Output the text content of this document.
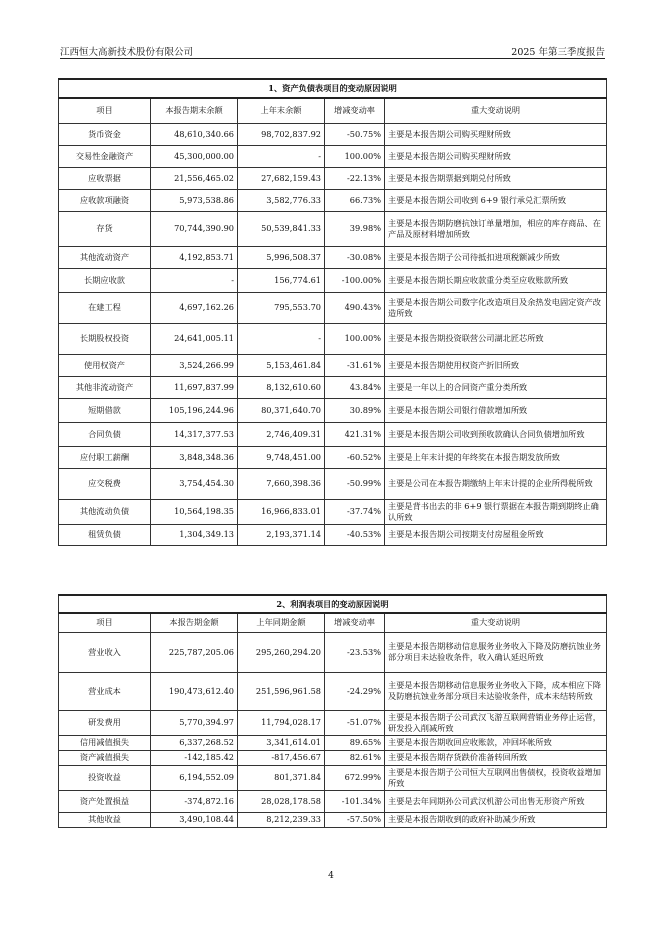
江西恒大高新技术股份有限公司	2025 年第三季度报告
1、资产负债表项目的变动原因说明				
项目	本报告期末余额	上年末余额	增减变动率	重大变动说明
货币资金	48,610,340.66	98,702,837.92	-50.75%	主要是本报告期公司购买理财所致
交易性金融资产	45,300,000.00	-	100.00%	主要是本报告期公司购买理财所致
应收票据	21,556,465.02	27,682,159.43	-22.13%	主要是本报告期票据到期兑付所致
应收款项融资	5,973,538.86	3,582,776.33	66.73%	主要是本报告期公司收到 6+9 银行承兑汇票所致
存货	70,744,390.90	50,539,841.33	39.98%	主要是本报告期防磨抗蚀订单量增加，相应的库存商品、在产品及原材料增加所致
其他流动资产	4,192,853.71	5,996,508.37	-30.08%	主要是本报告期子公司待抵扣进项税额减少所致
长期应收款	-	156,774.61	-100.00%	主要是本报告期长期应收款重分类至应收账款所致
在建工程	4,697,162.26	795,553.70	490.43%	主要是本报告期公司数字化改造项目及余热发电固定资产改造所致
长期股权投资	24,641,005.11	-	100.00%	主要是本报告期投资联营公司湖北匠芯所致
使用权资产	3,524,266.99	5,153,461.84	-31.61%	主要是本报告期使用权资产折旧所致
其他非流动资产	11,697,837.99	8,132,610.60	43.84%	主要是一年以上的合同资产重分类所致
短期借款	105,196,244.96	80,371,640.70	30.89%	主要是本报告期公司银行借款增加所致
合同负债	14,317,377.53	2,746,409.31	421.31%	主要是本报告期公司收到预收款确认合同负债增加所致
应付职工薪酬	3,848,348.36	9,748,451.00	-60.52%	主要是上年末计提的年终奖在本报告期发放所致
应交税费	3,754,454.30	7,660,398.36	-50.99%	主要是公司在本报告期缴纳上年末计提的企业所得税所致
其他流动负债	10,564,198.35	16,966,833.01	-37.74%	主要是背书出去的非 6+9 银行票据在本报告期到期终止确认所致
租赁负债	1,304,349.13	2,193,371.14	-40.53%	主要是本报告期公司按期支付房屋租金所致
2、利润表项目的变动原因说明				
项目	本报告期金额	上年同期金额	增减变动率	重大变动说明
营业收入	225,787,205.06	295,260,294.20	-23.53%	主要是本报告期移动信息服务业务收入下降及防磨抗蚀业务部分项目未达验收条件，收入确认延迟所致
营业成本	190,473,612.40	251,596,961.58	-24.29%	主要是本报告期移动信息服务业务收入下降，成本相应下降及防磨抗蚀业务部分项目未达验收条件，成本未结转所致
研发费用	5,770,394.97	11,794,028.17	-51.07%	主要是本报告期子公司武汉飞游互联网营销业务停止运营，研发投入削减所致
信用减值损失	6,337,268.52	3,341,614.01	89.65%	主要是本报告期收回应收账款，冲回坏帐所致
资产减值损失	-142,185.42	-817,456.67	82.61%	主要是本报告期存货跌价准备转回所致
投资收益	6,194,552.09	801,371.84	672.99%	主要是本报告期子公司恒大互联网出售债权，投资收益增加所致
资产处置损益	-374,872.16	28,028,178.58	-101.34%	主要是去年同期孙公司武汉机游公司出售无形资产所致
其他收益	3,490,108.44	8,212,239.33	-57.50%	主要是本报告期收到的政府补助减少所致
4
